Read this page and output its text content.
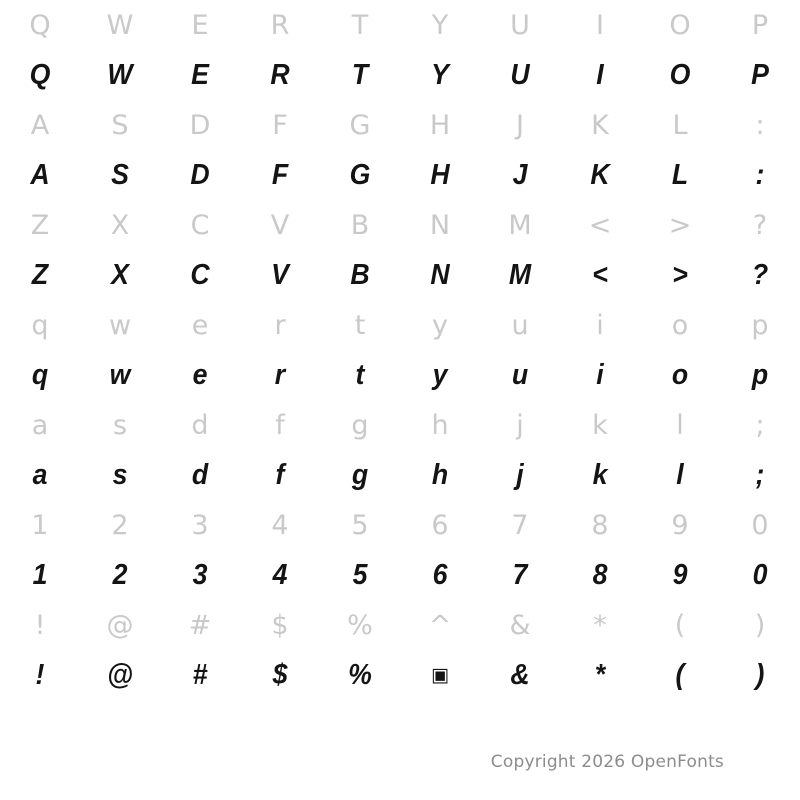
Q	W	E	R	T	Y	U	I	O	P
Q	W	E	R	T	Y	U	I	O	P
A	S	D	F	G	H	J	K	L	:
A	S	D	F	G	H	J	K	L	:
Z	X	C	V	B	N	M	<	>	?
Z	X	C	V	B	N	M	<	>	?
q	w	e	r	t	y	u	i	o	p
q	w	e	r	t	y	u	i	o	p
a	s	d	f	g	h	j	k	l	;
a	s	d	f	g	h	j	k	l	;
1	2	3	4	5	6	7	8	9	0
1	2	3	4	5	6	7	8	9	0
!	@	#	$	%	^	&	*	(	)
!	@	#	$	%	▣	&	*	(	)
Copyright 2026 OpenFonts
